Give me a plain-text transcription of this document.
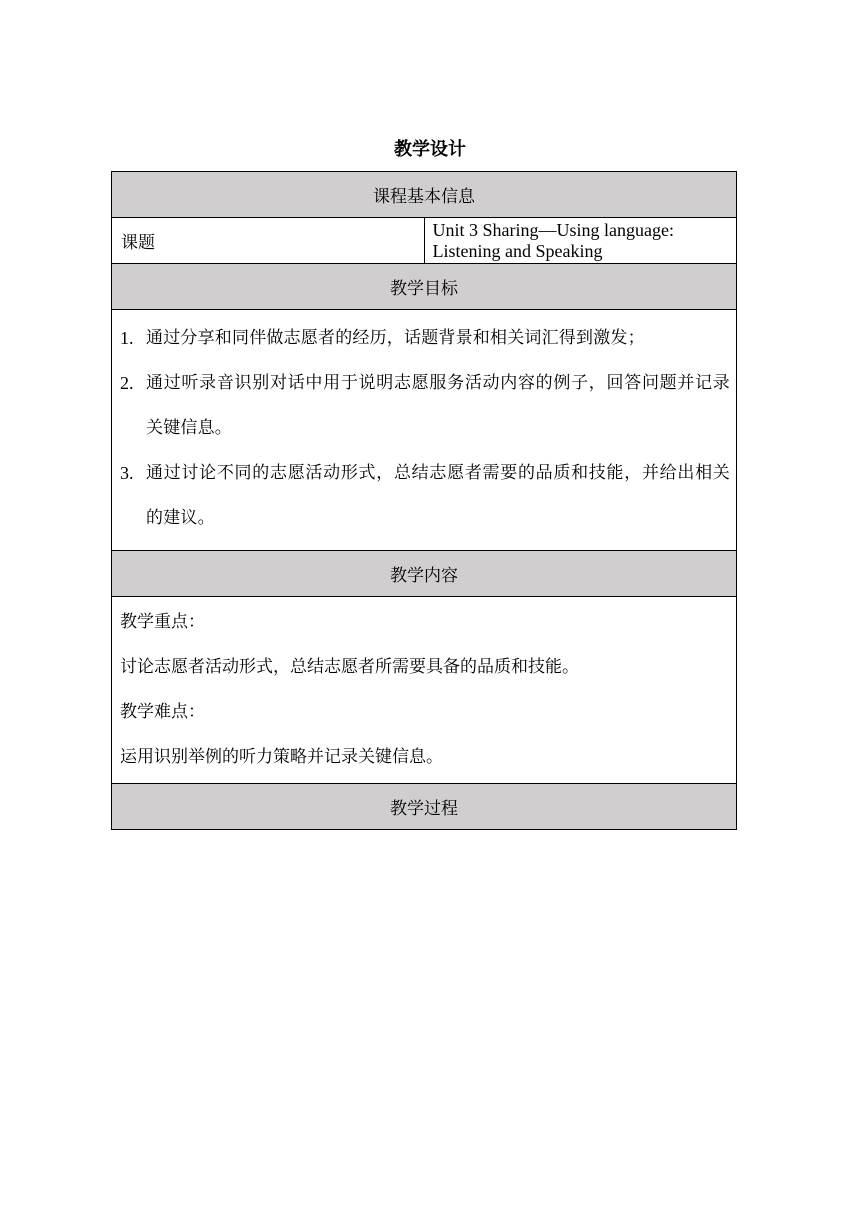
教学设计
课程基本信息
课题	Unit 3 Sharing—Using language: Listening and Speaking
教学目标

1. 通过分享和同伴做志愿者的经历，话题背景和相关词汇得到激发；
2. 通过听录音识别对话中用于说明志愿服务活动内容的例子，回答问题并记录关键信息。
3. 通过讨论不同的志愿活动形式，总结志愿者需要的品质和技能，并给出相关的建议。

教学内容

教学重点：
讨论志愿者活动形式，总结志愿者所需要具备的品质和技能。
教学难点：
运用识别举例的听力策略并记录关键信息。

教学过程
